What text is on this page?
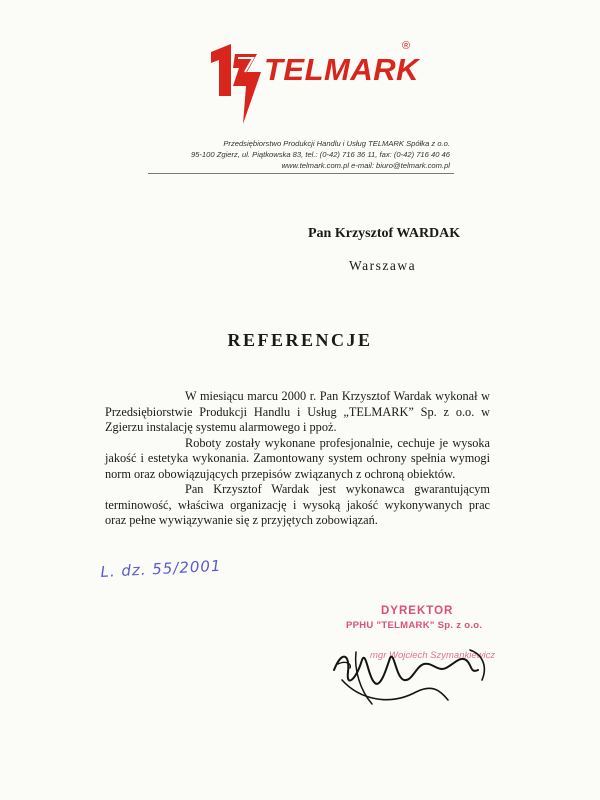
TELMARK
®
Przedsiębiorstwo Produkcji Handlu i Usług TELMARK Spółka z o.o.
95-100 Zgierz, ul. Piątkowska 83, tel.: (0-42) 716 36 11, fax: (0-42) 716 40 46
www.telmark.com.pl e-mail: biuro@telmark.com.pl
Pan Krzysztof WARDAK
Warszawa
REFERENCJE

W miesiącu marcu 2000 r. Pan Krzysztof Wardak wykonał w Przedsiębiorstwie Produkcji Handlu i Usług „TELMARK” Sp. z o.o. w Zgierzu instalację systemu alarmowego i ppoż.

Roboty zostały wykonane profesjonalnie, cechuje je wysoka jakość i estetyka wykonania. Zamontowany system ochrony spełnia wymogi norm oraz obowiązujących przepisów związanych z ochroną obiektów.

Pan Krzysztof Wardak jest wykonawca gwarantującym terminowość, właściwa organizację i wysoką jakość wykonywanych prac oraz pełne wywiązywanie się z przyjętych zobowiązań.

L. dz. 55/2001
DYREKTOR
PPHU "TELMARK" Sp. z o.o.
mgr Wojciech Szymankiewicz
